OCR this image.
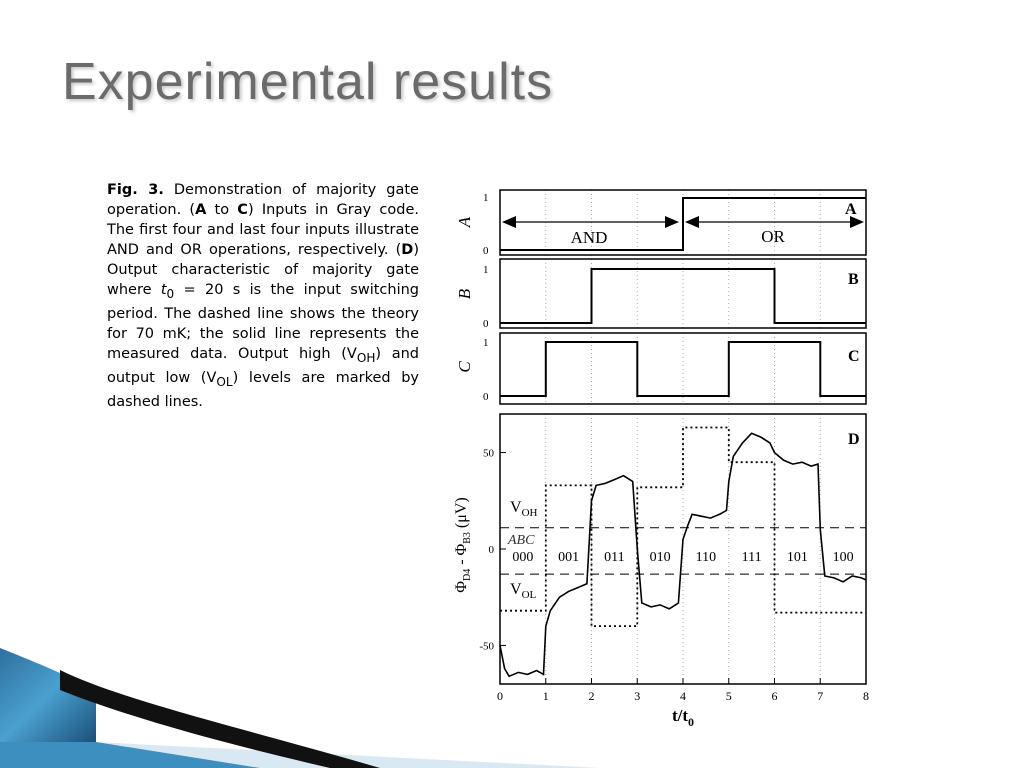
Experimental results
Fig. 3. Demonstration of majority gate operation. (A to C) Inputs in Gray code. The first four and last four inputs illustrate AND and OR operations, respectively. (D) Output characteristic of majority gate where $t_0 = 20$ s is the input switching period. The dashed line shows the theory for 70 mK; the solid line represents the measured data. Output high $(V_{OH})$ and output low $(V_{OL})$ levels are marked by dashed lines.
AND	OR
A
B
C
D
A
B
C
1
0
1
0
1
0
$\Phi_{D4} - \Phi_{B3}$ (μV)	$V_{OH}$
$V_{OL}$
ABC
000 001 011 010 110 111 101 100
50
0
-50
0	1	2	3	4	5	6	7	8
$t/t_0$
